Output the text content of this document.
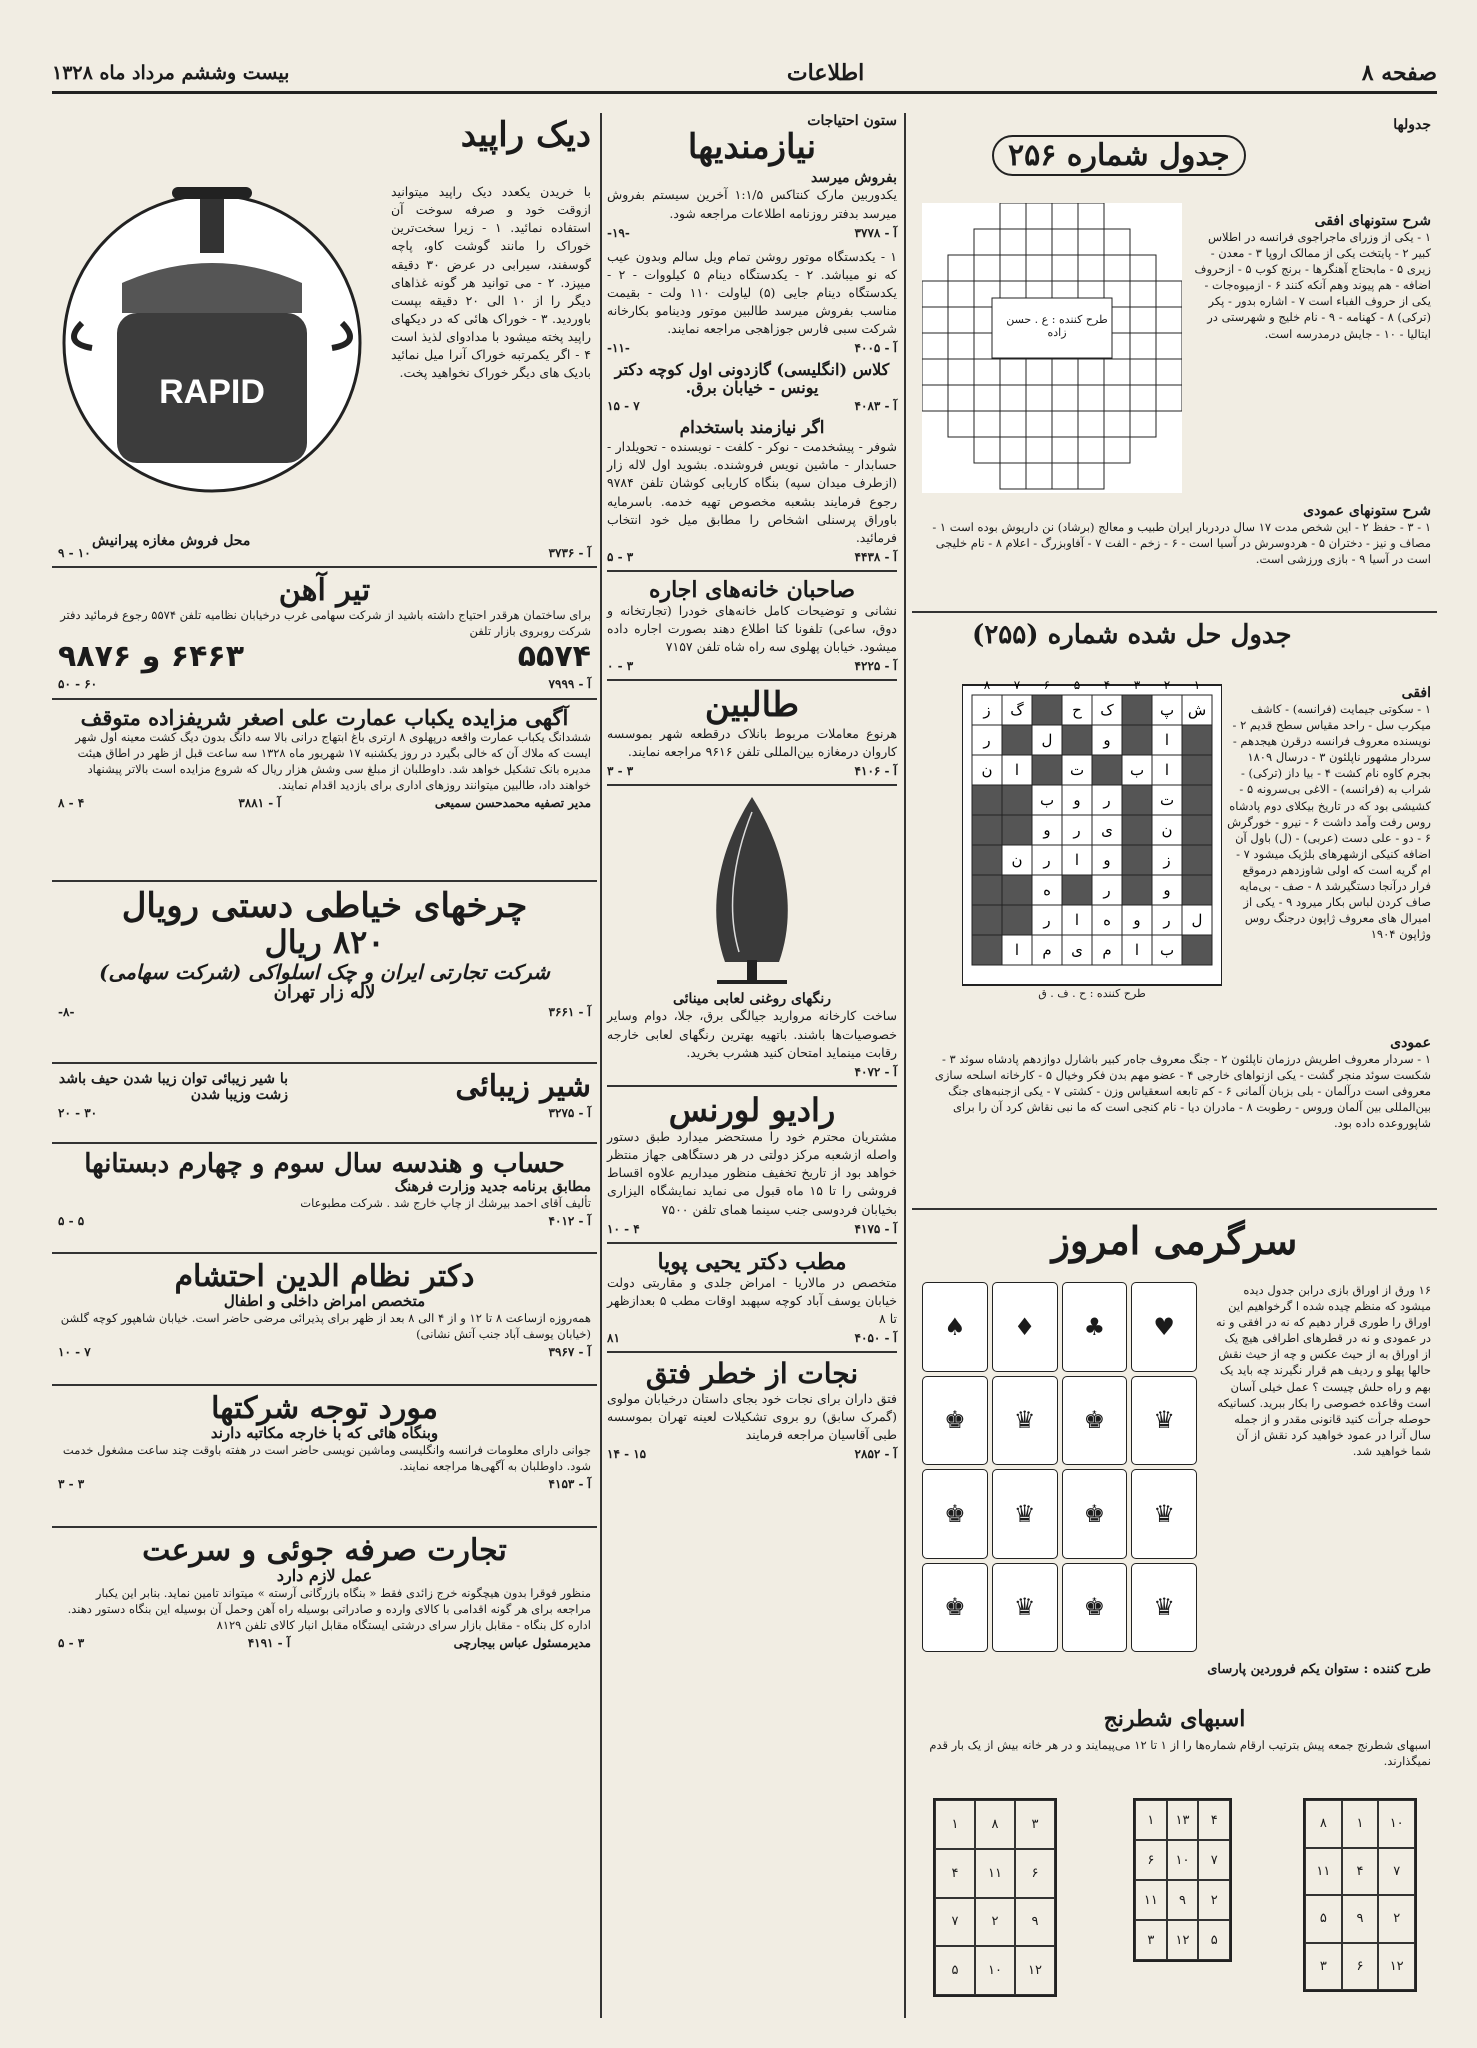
صفحه ۸
اطلاعات
بیست وششم مرداد ماه ۱۳۲۸
جدولها
جدول شماره ۲۵۶
شرح ستونهای افقی
۱ - یکی از وزرای ماجراجوی فرانسه در اطلاس کبیر ۲ - پایتخت یکی از ممالک اروپا ۳ - معدن - زیری ۵ - مابحتاج آهنگرها - برنج کوب ۵ - ازحروف اضافه - هم پیوند وهم آنکه کنند ۶ - ازمیوه‌جات - یکی از حروف الفباء است ۷ - اشاره بدور - پکر (ترکی) ۸ - کهنامه - ۹ - نام خلیج و شهرستی در ایتالیا - ۱۰ - جایش درمدرسه است.
شرح ستونهای عمودی
۱ - ۳ - حفظ ۲ - این شخص مدت ۱۷ سال دردربار ایران طبیب و معالج (برشاد) نن داریوش بوده است ۱ - مصاف و نیز - دختران ۵ - هردوسرش در آسیا است - ۶ - زخم - الفت ۷ - آفاوبزرگ - اعلام ۸ - نام خلیجی است در آسیا ۹ - بازی ورزشی است.
طرح کننده : ع . حسن زاده
جدول حل شده شماره (۲۵۵)
افقی
۱ - سکوتی جیمایت (فرانسه) - کاشف میکرب سل - راحد مقیاس سطح قدیم ۲ - نویسنده معروف فرانسه درقرن هیجدهم - سردار مشهور ناپلئون ۳ - درسال ۱۸۰۹ بجرم کاوه نام کشت ۴ - بیا داز (ترکی) - شراب به (فرانسه) - الاغی بی‌سرونه ۵ - کشیشی بود که در تاریخ بیکلای دوم پادشاه روس رفت وآمد داشت ۶ - نیرو - خورگرش ۶ - دو - علی دست (عربی) - (ل) باول آن اضافه کنیکی ازشهرهای بلژیک میشود ۷ - ام گریه است که اولی شاوزدهم درموقع فرار درآنجا دستگیرشد ۸ - صف - بی‌مایه صاف کردن لباس بکار میرود ۹ - یکی از امیرال های معروف ژاپون درجنگ روس وژاپون ۱۹۰۴
۸ ۷ ۶ ۵ ۴ ۳ ۲ ۱
ش
پ
ک
ح
گ
ز
ا
و
ل
ر
ا
ب
ت
ا
ن
ت
ر
و
ب
ن
ی
ر
و
ز
و
ا
ر
ن
و
ر
ه
ل
ر
و
ه
ا
ر
ب
ا
م
ی
م
ا
طرح کننده : ح . ف . ق
عمودی
۱ - سردار معروف اطریش درزمان ناپلئون ۲ - جنگ معروف جاه‌ر کبیر باشارل دوازدهم پادشاه سوئد ۳ - شکست سوئد منجر گشت - یکی ازنواهای خارجی ۴ - عضو مهم بدن فکر وخیال ۵ - کارخانه اسلحه سازی معروفی است درآلمان - بلی بزبان آلمانی ۶ - کم تابعه اسعقیاس وزن - کشتی ۷ - یکی ازجنبه‌های جنگ بین‌المللی بین آلمان وروس - رطوبت ۸ - مادران دیا - نام کنجی است که ما نبی نقاش کرد آن را برای شاپوروعده داده بود.
سرگرمی امروز
۱۶ ورق از اوراق بازی درابن جدول دیده میشود که منظم چیده شده ا گرخواهیم این اوراق را طوری قرار دهیم که نه در افقی و نه در عمودی و نه در قطرهای اطرافی هیچ یک از اوراق به از حیث عکس و چه از حیث نقش حالها پهلو و ردیف هم قرار نگیرند چه باید یک بهم و راه حلش چیست ؟ عمل خیلی آسان است وقاعده خصوصی را بکار ببرید. کسانیکه حوصله جرأت کنید قانونی مقدر و از جمله سال آنرا در عمود خواهید کرد نقش از آن شما خواهید شد.
♥
♣
♦
♠
♛
♚
♛
♚
♛
♚
♛
♚
♛
♚
♛
♚
طرح کننده : ستوان یکم فروردین پارسای
اسبهای شطرنج
اسبهای شطرنج جمعه پیش بترتیب ارقام شماره‌ها را از ۱ تا ۱۲ می‌پیمایند و در هر خانه بیش از یک بار قدم نمیگذارند.
۱۰
۱
۸
۷
۴
۱۱
۲
۹
۵
۱۲
۶
۳
۴
۱۳
۱
۷
۱۰
۶
۲
۹
۱۱
۵
۱۲
۳
۳
۸
۱
۶
۱۱
۴
۹
۲
۷
۱۲
۱۰
۵
ستون احتیاجات
نیازمندیها
بفروش میرسد
یکدوربین مارک کنتاکس ۱:۱/۵ آخرین سیستم بفروش میرسد بدفتر روزنامه اطلاعات مراجعه شود.
آ - ۳۷۷۸
-۱۹-
۱ - یکدستگاه موتور روشن تمام ویل سالم وبدون عیب که نو میباشد. ۲ - یکدستگاه دینام ۵ کیلووات - ۲ - یکدستگاه دینام جایی (۵) لیاولت ۱۱۰ ولت - بقیمت مناسب بفروش میرسد طالبین موتور ودینامو بکارخانه شرکت سبی فارس جوزاهجی مراجعه نمایند.
آ - ۴۰۰۵
-۱۱-
کلاس (انگلیسی) گازدونی اول کوچه دکتر یونس - خیابان برق.
آ - ۴۰۸۳
۷ - ۱۵
اگر نیازمند باستخدام
شوفر - پیشخدمت - نوکر - کلفت - نویسنده - تحویلدار - حسابدار - ماشین نویس فروشنده. بشوید اول لاله زار (ازطرف میدان سپه) بنگاه کاریابی کوشان تلفن ۹۷۸۴ رجوع فرمایند بشعبه مخصوص تهیه خدمه. باسرمایه باوراق پرسنلی اشخاص را مطابق میل خود انتخاب فرمائید.
آ - ۴۴۳۸
۳ - ۵
صاحبان خانه‌های اجاره
نشانی و توضیحات کامل خانه‌های خودرا (تجارتخانه و دوق، ساعی) تلفونا کتا اطلاع دهند بصورت اجاره داده میشود. خیابان پهلوی سه راه شاه تلفن ۷۱۵۷
آ - ۴۲۲۵
۳ - ۰
طالبین
هرنوع معاملات مربوط بانلاک درقطعه شهر بموسسه کاروان درمغازه بین‌المللی تلفن ۹۶۱۶ مراجعه نمایند.
آ - ۴۱۰۶
۳ - ۳
رنگهای روغنی لعابی مینائی
ساخت کارخانه مروارید جیالگی برق، جلا، دوام وسایر خصوصیات‌ها باشند. باتهیه بهترین رنگهای لعابی خارجه رقابت مینماید امتحان کنید هشرب بخرید.
آ - ۴۰۷۲
رادیو لورنس
مشتریان محترم خود را مستحضر میدارد طبق دستور واصله ازشعبه مرکز دولتی در هر دستگاهی جهاز منتظر خواهد بود از تاریخ تخفیف منظور میداریم علاوه اقساط فروشی را تا ۱۵ ماه قبول می نماید نمایشگاه الیزاری بخیابان فردوسی جنب سینما همای تلفن ۷۵۰۰
آ - ۴۱۷۵
۴ - ۱۰
مطب دکتر یحیی پویا
متخصص در مالاریا - امراض جلدی و مقاربتی دولت خیابان یوسف آباد کوچه سپهبد اوقات مطب ۵ بعدازظهر تا ۸
آ - ۴۰۵۰
۸۱
نجات از خطر فتق
فتق داران برای نجات خود بجای داستان درخیابان مولوی (گمرک سابق) رو بروی تشکیلات لعینه تهران بموسسه طبی آقاسیان مراجعه فرمایند
آ - ۲۸۵۲
۱۵ - ۱۴
دیک راپید
با خریدن یکعدد دیک راپید میتوانید ازوقت خود و صرفه سوخت آن استفاده نمائید. ۱ - زیرا سخت‌ترین خوراک را مانند گوشت کاو، پاچه گوسفند، سیرابی در عرض ۳۰ دقیقه میپزد. ۲ - می توانید هر گونه غذاهای دیگر را از ۱۰ الی ۲۰ دقیقه بپست باوردید. ۳ - خوراک هائی که در دیکهای راپید پخته میشود با مدادوای لذیذ است ۴ - اگر یکمرتبه خوراک آنرا میل نمائید بادیک های دیگر خوراک نخواهید پخت.
RAPID
محل فروش مغازه پیرانیش
آ - ۳۷۳۶
۱۰ - ۹
تیر آهن
برای ساختمان هرقدر احتیاج داشته باشید از شرکت سهامی غرب درخیابان نظامیه تلفن ۵۵۷۴ رجوع فرمائید دفتر شرکت روبروی بازار تلفن
۵۵۷۴
۶۴۶۳ و ۹۸۷۶
آ - ۷۹۹۹
۶۰ - ۵۰
آگهی مزایده یکباب عمارت علی اصغر شریفزاده متوقف
ششدانگ یکباب عمارت واقعه درپهلوی ۸ ارتری باغ ابتهاج درانی بالا سه دانگ بدون دیگ کشت معینه اول شهر ایست که ملاك آن که خالی بگیرد در روز یکشنبه ۱۷ شهریور ماه ۱۳۲۸ سه ساعت قبل از ظهر در اطاق هیئت مدیره بانک تشکیل خواهد شد. داوطلبان از مبلغ سی وشش هزار ریال که شروع مزایده است بالاتر پیشنهاد خواهند داد، طالبین میتوانند روزهای اداری برای بازدید اقدام نمایند.
مدیر تصفیه محمدحسن سمیعی
آ - ۳۸۸۱
۴ - ۸
چرخهای خیاطی دستی رویال
۸۲۰ ریال
شرکت تجارتی ایران و چک اسلواکی (شرکت سهامی)
لاله زار تهران
آ - ۳۶۶۱
-۸-
شیر زیبائی
با شیر زیبائی توان زیبا شدن حیف باشد زشت وزیبا شدن
آ - ۳۲۷۵
۳۰ - ۲۰
حساب و هندسه سال سوم و چهارم دبستانها
مطابق برنامه جدید وزارت فرهنگ
تألیف آقای احمد بیرشك از چاپ خارج شد . شرکت مطبوعات
آ - ۴۰۱۲
۵ - ۵
دکتر نظام الدین احتشام
متخصص امراض داخلی و اطفال
همه‌روزه ازساعت ۸ تا ۱۲ و از ۴ الی ۸ بعد از ظهر برای پذیرائی مرضی حاضر است. خیابان شاهپور کوچه گلشن (خیابان یوسف آباد جنب آتش نشانی)
آ - ۳۹۶۷
۷ - ۱۰
مورد توجه شرکتها
وبنگاه هائی که با خارجه مکاتبه دارند
جوانی دارای معلومات فرانسه وانگلیسی وماشین نویسی حاضر است در هفته باوقت چند ساعت مشغول خدمت شود. داوطلبان به آگهی‌ها مراجعه نمایند.
آ - ۴۱۵۳
۳ - ۳
تجارت صرفه جوئی و سرعت
عمل لازم دارد
منظور فوقرا بدون هیچگونه خرج زائدی فقط « بنگاه بازرگانی آرسته » میتواند تامین نماید. بنابر این یکبار مراجعه برای هر گونه اقدامی با کالای وارده و صادراتی بوسیله راه آهن وحمل آن بوسیله این بنگاه دستور دهند. اداره کل بنگاه - مقابل بازار سرای درشتی ایستگاه مقابل انبار کالای تلفن ۸۱۲۹
مدیرمسئول عباس بیجارچی
آ - ۴۱۹۱
۳ - ۵
